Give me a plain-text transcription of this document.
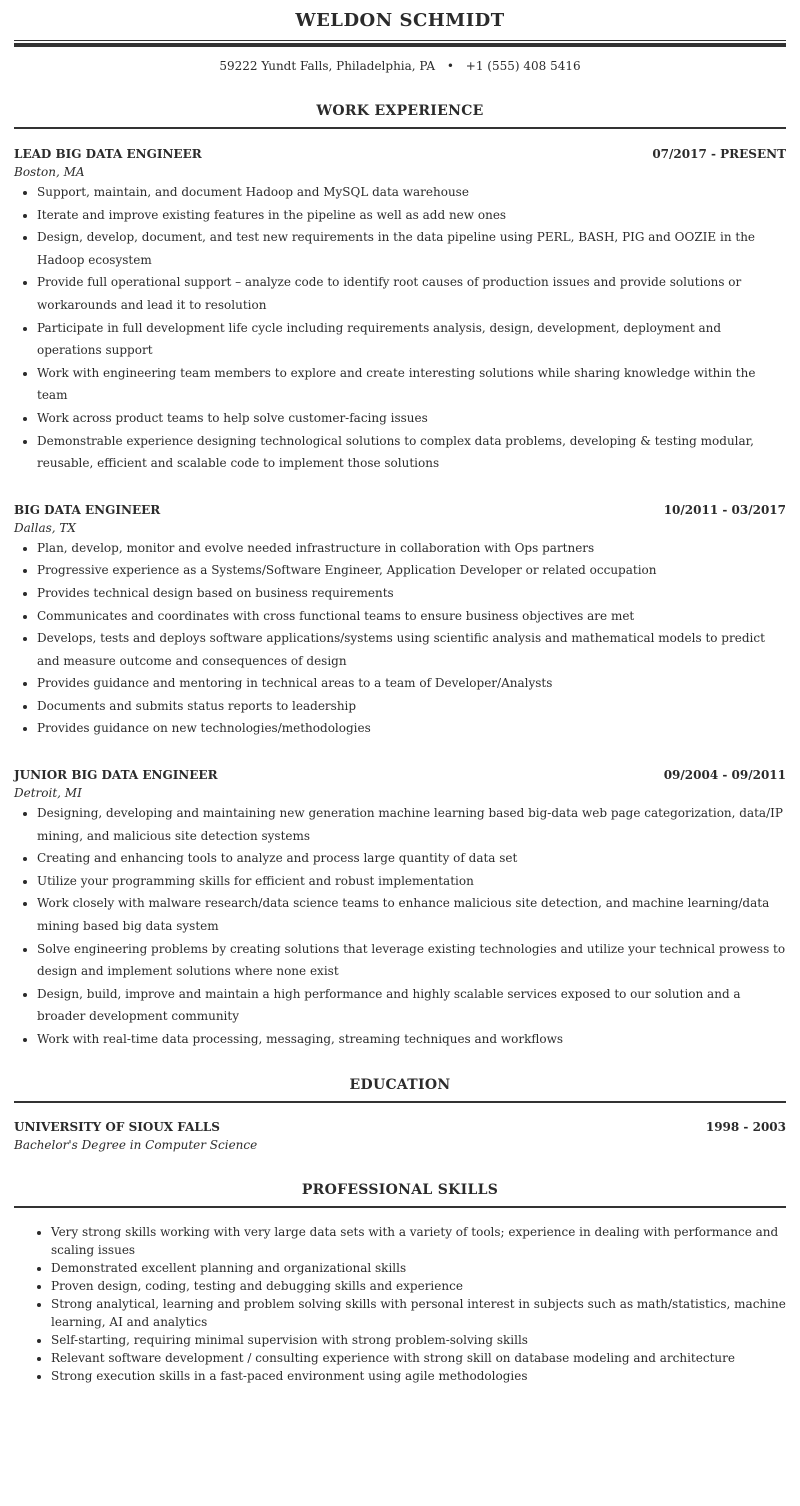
WELDON SCHMIDT
59222 Yundt Falls, Philadelphia, PA • +1 (555) 408 5416
WORK EXPERIENCE
LEAD BIG DATA ENGINEER	07/2017 - PRESENT
Boston, MA
• Support, maintain, and document Hadoop and MySQL data warehouse
• Iterate and improve existing features in the pipeline as well as add new ones
• Design, develop, document, and test new requirements in the data pipeline using PERL, BASH, PIG and OOZIE in the Hadoop ecosystem
• Provide full operational support – analyze code to identify root causes of production issues and provide solutions or workarounds and lead it to resolution
• Participate in full development life cycle including requirements analysis, design, development, deployment and operations support
• Work with engineering team members to explore and create interesting solutions while sharing knowledge within the team
• Work across product teams to help solve customer-facing issues
• Demonstrable experience designing technological solutions to complex data problems, developing & testing modular, reusable, efficient and scalable code to implement those solutions
BIG DATA ENGINEER	10/2011 - 03/2017
Dallas, TX
• Plan, develop, monitor and evolve needed infrastructure in collaboration with Ops partners
• Progressive experience as a Systems/Software Engineer, Application Developer or related occupation
• Provides technical design based on business requirements
• Communicates and coordinates with cross functional teams to ensure business objectives are met
• Develops, tests and deploys software applications/systems using scientific analysis and mathematical models to predict and measure outcome and consequences of design
• Provides guidance and mentoring in technical areas to a team of Developer/Analysts
• Documents and submits status reports to leadership
• Provides guidance on new technologies/methodologies
JUNIOR BIG DATA ENGINEER	09/2004 - 09/2011
Detroit, MI
• Designing, developing and maintaining new generation machine learning based big-data web page categorization, data/IP mining, and malicious site detection systems
• Creating and enhancing tools to analyze and process large quantity of data set
• Utilize your programming skills for efficient and robust implementation
• Work closely with malware research/data science teams to enhance malicious site detection, and machine learning/data mining based big data system
• Solve engineering problems by creating solutions that leverage existing technologies and utilize your technical prowess to design and implement solutions where none exist
• Design, build, improve and maintain a high performance and highly scalable services exposed to our solution and a broader development community
• Work with real-time data processing, messaging, streaming techniques and workflows
EDUCATION
UNIVERSITY OF SIOUX FALLS	1998 - 2003
Bachelor's Degree in Computer Science
PROFESSIONAL SKILLS
• Very strong skills working with very large data sets with a variety of tools; experience in dealing with performance and scaling issues
• Demonstrated excellent planning and organizational skills
• Proven design, coding, testing and debugging skills and experience
• Strong analytical, learning and problem solving skills with personal interest in subjects such as math/statistics, machine learning, AI and analytics
• Self-starting, requiring minimal supervision with strong problem-solving skills
• Relevant software development / consulting experience with strong skill on database modeling and architecture
• Strong execution skills in a fast-paced environment using agile methodologies
